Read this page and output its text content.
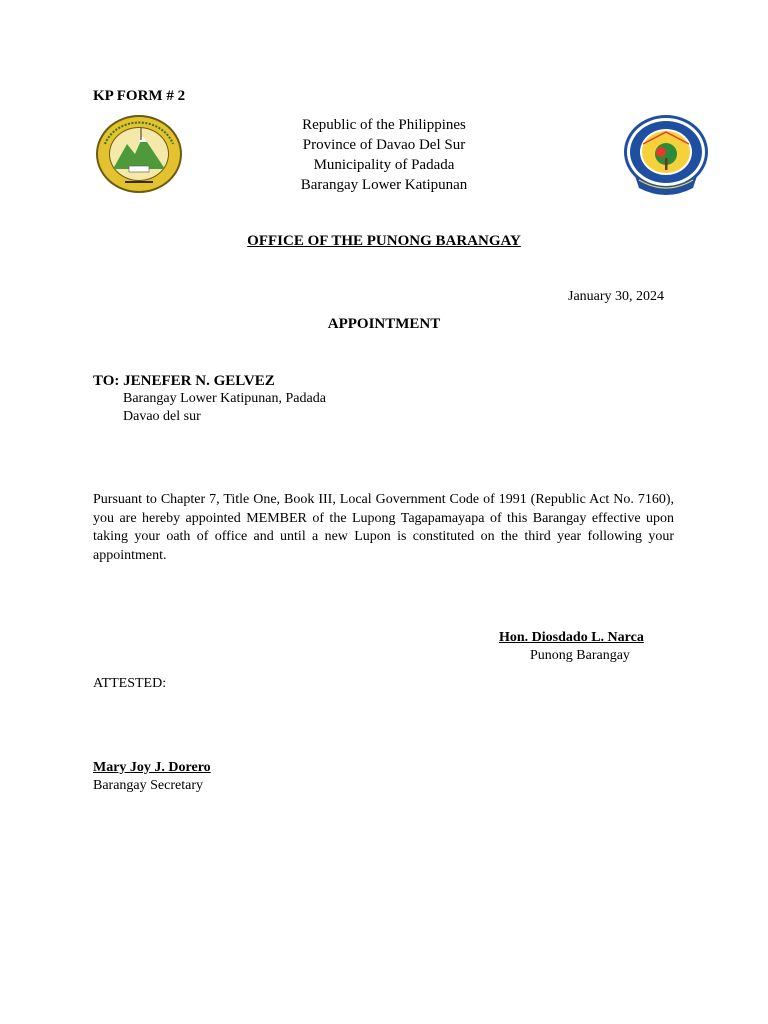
KP FORM # 2
Republic of the Philippines
Province of Davao Del Sur
Municipality of Padada
Barangay Lower Katipunan
OFFICE OF THE PUNONG BARANGAY
January 30, 2024
APPOINTMENT
TO: JENEFER N. GELVEZ
Barangay Lower Katipunan, Padada
Davao del sur
Pursuant to Chapter 7, Title One, Book III, Local Government Code of 1991 (Republic Act No. 7160), you are hereby appointed MEMBER of the Lupong Tagapamayapa of this Barangay effective upon taking your oath of office and until a new Lupon is constituted on the third year following your appointment.
Hon. Diosdado L. Narca
Punong Barangay
ATTESTED:
Mary Joy J. Dorero
Barangay Secretary
